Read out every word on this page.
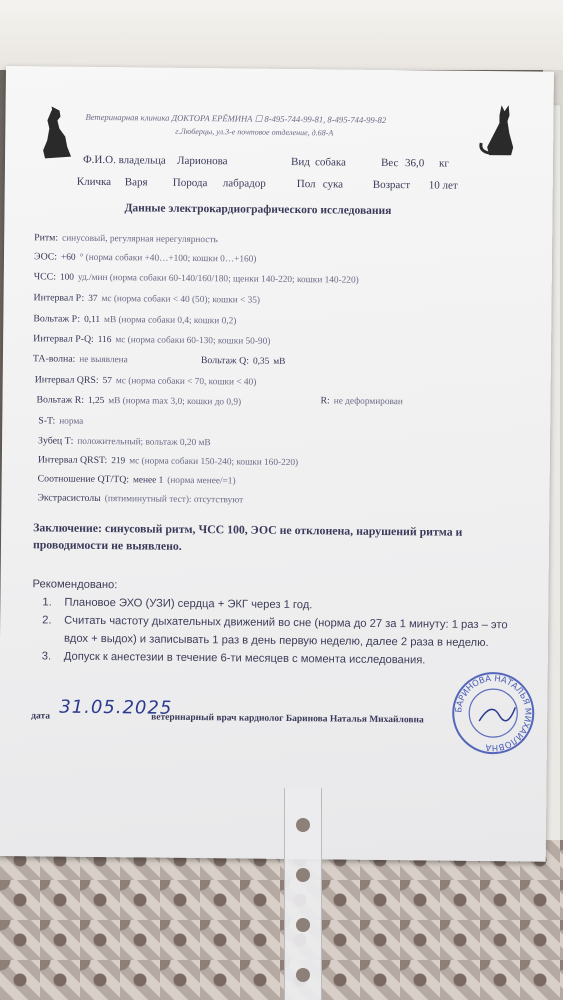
Ветеринарная клиника ДОКТОРА ЕРЁМИНА ☐ 8-495-744-99-81, 8-495-744-99-82
г.Люберцы, ул.3-е почтовое отделение, д.68-А
Ф.И.О. владельца Ларионова	Вид собака	Вес 36,0 кг
Кличка Варя Порода лабрадор	Пол сука	Возраст 10 лет
Данные электрокардиографического исследования
Ритм: синусовый, регулярная нерегулярность
ЭОС: +60 ° (норма собаки +40…+100; кошки 0…+160)
ЧСС: 100 уд./мин (норма собаки 60-140/160/180; щенки 140-220; кошки 140-220)
Интервал Р: 37 мс (норма собаки < 40 (50); кошки < 35)
Вольтаж Р: 0,11 мВ (норма собаки 0,4; кошки 0,2)
Интервал Р-Q: 116 мс (норма собаки 60-130; кошки 50-90)
ТА-волна: не выявлена	Вольтаж Q: 0,35 мВ
Интервал QRS: 57 мс (норма собаки < 70, кошки < 40)
Вольтаж R: 1,25 мВ (норма max 3,0; кошки до 0,9)	R: не деформирован
S-T: норма
Зубец Т: положительный; вольтаж 0,20 мВ
Интервал QRST: 219 мс (норма собаки 150-240; кошки 160-220)
Соотношение QT/TQ: менее 1 (норма менее/=1)
Экстрасистолы (пятиминутный тест): отсутствуют
Заключение: синусовый ритм, ЧСС 100, ЭОС не отклонена, нарушений ритма и проводимости не выявлено.
Рекомендовано:
1. Плановое ЭХО (УЗИ) сердца + ЭКГ через 1 год.
2. Считать частоту дыхательных движений во сне (норма до 27 за 1 минуту: 1 раз – это вдох + выдох) и записывать 1 раз в день первую неделю, далее 2 раза в неделю.
3. Допуск к анестезии в течение 6-ти месяцев с момента исследования.
дата 31.05.2025
ветеринарный врач кардиолог Баринова Наталья Михайловна
БАРИНОВА НАТАЛЬЯ МИХАЙЛОВНА
